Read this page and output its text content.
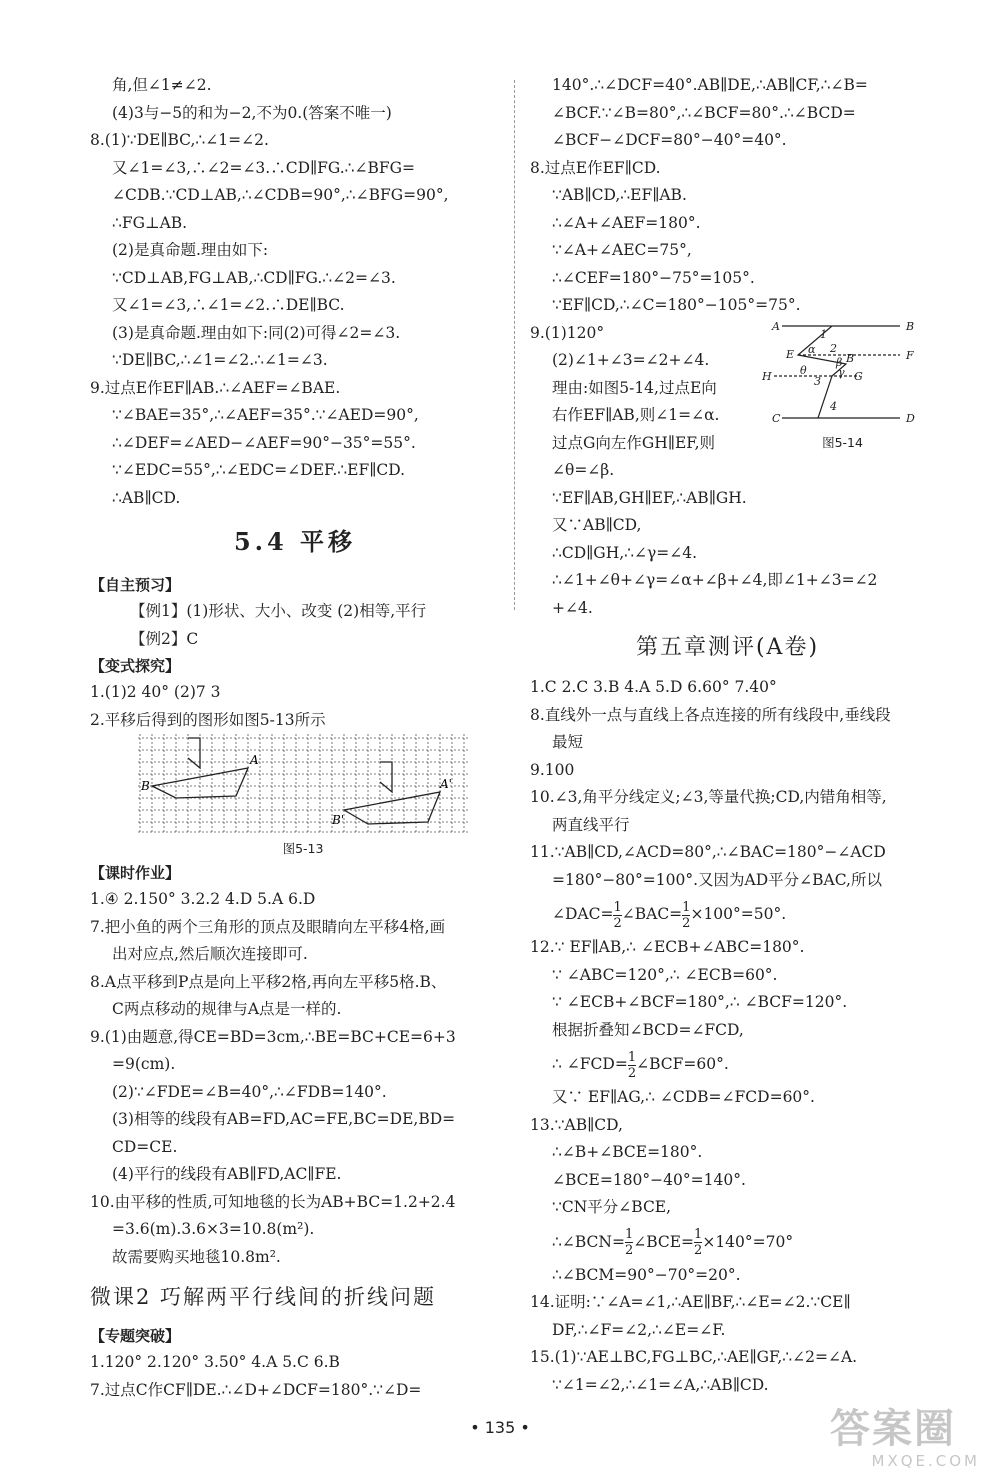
角,但∠1≠∠2.
(4)3与−5的和为−2,不为0.(答案不唯一)
8.(1)∵DE∥BC,∴∠1=∠2.
又∠1=∠3,∴∠2=∠3.∴CD∥FG.∴∠BFG=
∠CDB.∵CD⊥AB,∴∠CDB=90°,∴∠BFG=90°,
∴FG⊥AB.
(2)是真命题.理由如下:
∵CD⊥AB,FG⊥AB,∴CD∥FG.∴∠2=∠3.
又∠1=∠3,∴∠1=∠2.∴DE∥BC.
(3)是真命题.理由如下:同(2)可得∠2=∠3.
∵DE∥BC,∴∠1=∠2.∴∠1=∠3.
9.过点E作EF∥AB.∴∠AEF=∠BAE.
∵∠BAE=35°,∴∠AEF=35°.∵∠AED=90°,
∴∠DEF=∠AED−∠AEF=90°−35°=55°.
∵∠EDC=55°,∴∠EDC=∠DEF.∴EF∥CD.
∴AB∥CD.
5.4 平移
【自主预习】
【例1】(1)形状、大小、改变 (2)相等,平行
【例2】C
【变式探究】
1.(1)2 40° (2)7 3
2.平移后得到的图形如图5-13所示
A
B	A'
B'
图5-13
【课时作业】
1.④ 2.150° 3.2.2 4.D 5.A 6.D
7.把小鱼的两个三角形的顶点及眼睛向左平移4格,画
出对应点,然后顺次连接即可.
8.A点平移到P点是向上平移2格,再向左平移5格.B、
C两点移动的规律与A点是一样的.
9.(1)由题意,得CE=BD=3cm,∴BE=BC+CE=6+3
=9(cm).
(2)∵∠FDE=∠B=40°,∴∠FDB=140°.
(3)相等的线段有AB=FD,AC=FE,BC=DE,BD=
CD=CE.
(4)平行的线段有AB∥FD,AC∥FE.
10.由平移的性质,可知地毯的长为AB+BC=1.2+2.4
=3.6(m).3.6×3=10.8(m²).
故需要购买地毯10.8m².
微课2 巧解两平行线间的折线问题
【专题突破】
1.120° 2.120° 3.50° 4.A 5.C 6.B
7.过点C作CF∥DE.∴∠D+∠DCF=180°.∵∠D=
140°.∴∠DCF=40°.AB∥DE,∴AB∥CF,∴∠B=
∠BCF.∵∠B=80°,∴∠BCF=80°.∴∠BCD=
∠BCF−∠DCF=80°−40°=40°.
8.过点E作EF∥CD.
∵AB∥CD,∴EF∥AB.
∴∠A+∠AEF=180°.
∵∠A+∠AEC=75°,
∴∠CEF=180°−75°=105°.
∵EF∥CD,∴∠C=180°−105°=75°.
9.(1)120°
(2)∠1+∠3=∠2+∠4.
理由:如图5-14,过点E向
右作EF∥AB,则∠1=∠α.
过点G向左作GH∥EF,则
∠θ=∠β.
∵EF∥AB,GH∥EF,∴AB∥GH.
又∵AB∥CD,
∴CD∥GH,∴∠γ=∠4.
∴∠1+∠θ+∠γ=∠α+∠β+∠4,即∠1+∠3=∠2
+∠4.
第五章测评(A卷)
1.C 2.C 3.B 4.A 5.D 6.60° 7.40°
8.直线外一点与直线上各点连接的所有线段中,垂线段
最短
9.100
10.∠3,角平分线定义;∠3,等量代换;CD,内错角相等,
两直线平行
11.∵AB∥CD,∠ACD=80°,∴∠BAC=180°−∠ACD
=180°−80°=100°.又因为AD平分∠BAC,所以
∠DAC= $\frac{1}{2}$ ∠BAC= $\frac{1}{2} \times 100^\circ=50^\circ$.
12.∵ EF∥AB,∴ ∠ECB+∠ABC=180°.
∵ ∠ABC=120°,∴ ∠ECB=60°.
∵ ∠ECB+∠BCF=180°,∴ ∠BCF=120°.
根据折叠知∠BCD=∠FCD,
∴ ∠FCD= $\frac{1}{2}$ ∠BCF=60°.
又∵ EF∥AG,∴ ∠CDB=∠FCD=60°.
13.∵AB∥CD,
∴∠B+∠BCE=180°.
∠BCE=180°−40°=140°.
∵CN平分∠BCE,
∴∠BCN= $\frac{1}{2}$ ∠BCE= $\frac{1}{2} \times 140^\circ=70^\circ$
∴∠BCM=90°−70°=20°.
14.证明:∵∠A=∠1,∴AE∥BF,∴∠E=∠2.∵CE∥
DF,∴∠F=∠2,∴∠E=∠F.
15.(1)∵AE⊥BC,FG⊥BC,∴AE∥GF,∴∠2=∠A.
∵∠1=∠2,∴∠1=∠A,∴AB∥CD.
A	B
C	D
E	F
H	G
B
1
2
3
4
α
β
θ	γ
图5-14
• 135 •	答案圈
MXQE.COM
